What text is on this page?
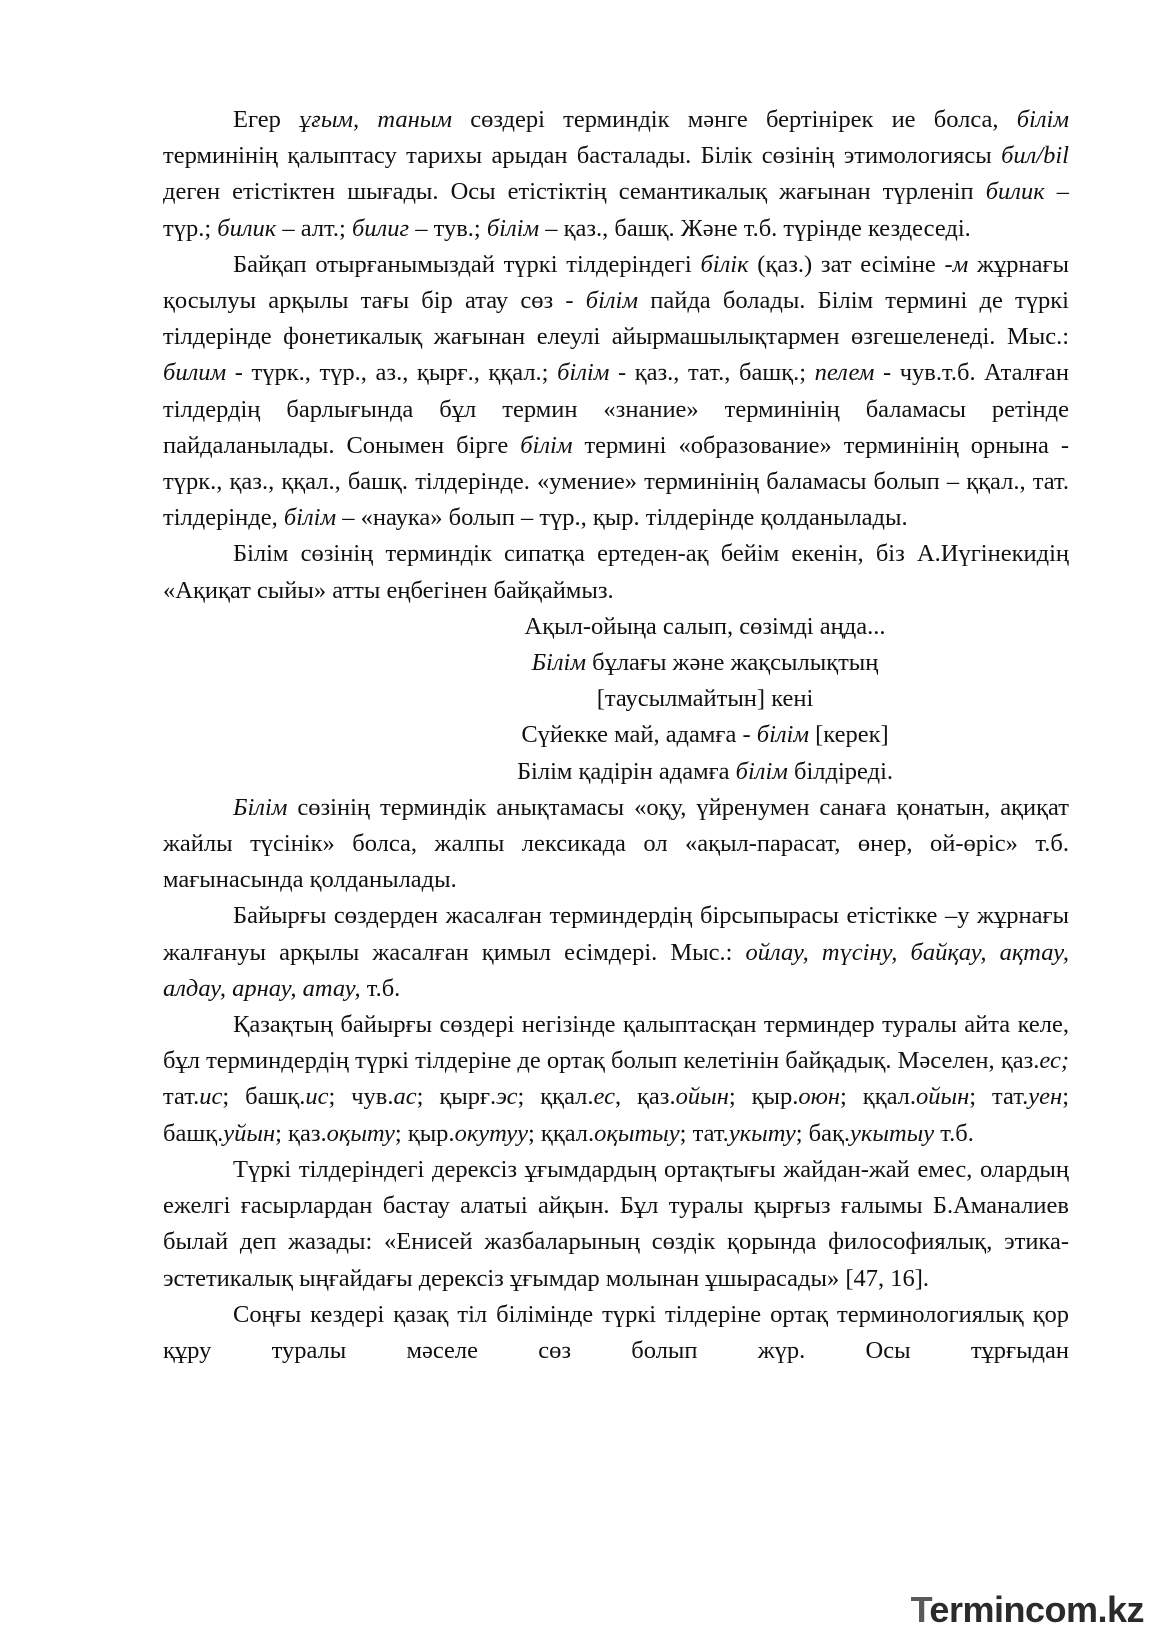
Егер ұғым, таным сөздері терминдік мәнге бертінірек ие болса, білім терминінің қалыптасу тарихы арыдан басталады. Білік сөзінің этимологиясы бил/bil деген етістіктен шығады. Осы етістіктің семантикалық жағынан түрленіп билик – түр.; билик – алт.; билиг – тув.; білім – қаз., башқ. Және т.б. түрінде кездеседі.

Байқап отырғанымыздай түркі тілдеріндегі білік (қаз.) зат есіміне -м жұрнағы қосылуы арқылы тағы бір атау сөз - білім пайда болады. Білім термині де түркі тілдерінде фонетикалық жағынан елеулі айырмашылықтармен өзгешеленеді. Мыс.: билим - түрк., түр., аз., қырғ., ққал.; білім - қаз., тат., башқ.; пелем - чув.т.б. Аталған тілдердің барлығында бұл термин «знание» терминінің баламасы ретінде пайдаланылады. Сонымен бірге білім термині «образование» терминінің орнына - түрк., қаз., ққал., башқ. тілдерінде. «умение» терминінің баламасы болып – ққал., тат. тілдерінде, білім – «наука» болып – түр., қыр. тілдерінде қолданылады.

Білім сөзінің терминдік сипатқа ертеден-ақ бейім екенін, біз А.Иүгінекидің «Ақиқат сыйы» атты еңбегінен байқаймыз.

Ақыл-ойыңа салып, сөзімді аңда...
Білім бұлағы және жақсылықтың
[таусылмайтын] кені
Сүйекке май, адамға - білім [керек]
Білім қадірін адамға білім білдіреді.

Білім сөзінің терминдік анықтамасы «оқу, үйренумен санаға қонатын, ақиқат жайлы түсінік» болса, жалпы лексикада ол «ақыл-парасат, өнер, ой-өріс» т.б. мағынасында қолданылады.

Байырғы сөздерден жасалған терминдердің бірсыпырасы етістікке –у жұрнағы жалғануы арқылы жасалған қимыл есімдері. Мыс.: ойлау, түсіну, байқау, ақтау, алдау, арнау, атау, т.б.

Қазақтың байырғы сөздері негізінде қалыптасқан терминдер туралы айта келе, бұл терминдердің түркі тілдеріне де ортақ болып келетінін байқадық. Мәселен, қаз.ес; тат.ис; башқ.ис; чув.ас; қырғ.эс; ққал.ес, қаз.ойын; қыр.оюн; ққал.ойын; тат.уен; башқ.уйын; қаз.оқыту; қыр.окутуу; ққал.оқытыу; тат.укыту; бақ.укытыу т.б.

Түркі тілдеріндегі дерексіз ұғымдардың ортақтығы жайдан-жай емес, олардың ежелгі ғасырлардан бастау алатыі айқын. Бұл туралы қырғыз ғалымы Б.Аманалиев былай деп жазады: «Енисей жазбаларының сөздік қорында философиялық, этика-эстетикалық ыңғайдағы дерексіз ұғымдар молынан ұшырасады» [47, 16].

Соңғы кездері қазақ тіл білімінде түркі тілдеріне ортақ терминологиялық қор құру туралы мәселе сөз болып жүр. Осы тұрғыдан

Termincom.kz
